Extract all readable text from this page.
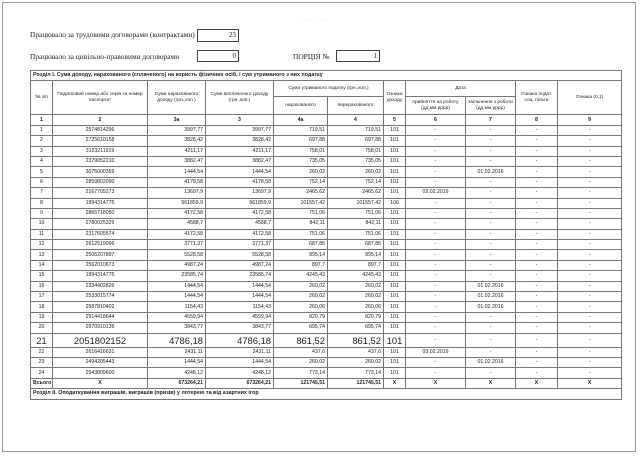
...... .....
Працювало за трудовими договорами (контрактами)	23
Працювало за цивільно-правовими договорами	0	ПОРЦІЯ №	1
Розділ I. Сума доходу, нарахованого (сплаченого) на користь фізичних осіб, і сум утриманого з них податку										
№ з/п	Податковий номер або серія та номер паспорта*	Сума нарахованого доходу (грн.,коп.)	Сума виплаченого доходу (грн.,коп.)	Сума утриманого податку (грн.,коп.)		Ознака доходу	Дата		Ознака подат. соц. пільги	Ознака (0,1)
				нарахованого	перерахованого		прийняття на роботу (дд.мм.рррр)	звільнення з роботи (дд.мм.рррр)		
1	2	3а	3	4а	4	5	6	7	8	9
1	2574814296	3997,77	3997,77	719,51	719,51	101	-	-	-	-
2	2725610158	3828,42	3828,42	697,88	697,88	101	-	-	-	-
3	3123211919	4211,17	4211,17	758,01	758,01	101	-	-	-	-
4	2379052210	3882,47	3882,47	735,05	735,05	101	-	-	-	-
5	3075000359	1444,54	1444,54	260,02	260,02	101	-	01.02.2016	-	-
6	2859802090	4178,58	4178,58	752,14	752,14	101	-	-	-	-
7	2167705273	13697,9	13697,9	2465,62	2465,62	101	02.02.2016	-	-	-
8	1894314775	561859,9	561859,9	101557,42	101557,42	106	-	-	-	-
9	2865718050	4172,58	4172,58	751,06	751,06	101	-	-	-	-
10	2780025329	4588,7	4588,7	842,11	842,11	101	-	-	-	-
11	2317605574	4172,58	4172,58	751,06	751,06	101	-	-	-	-
12	2612519096	3771,37	3771,37	687,85	687,85	101	-	-	-	-
13	2505207897	5528,58	5528,58	995,14	995,14	101	-	-	-	-
14	2562010673	4987,24	4987,24	897,7	897,7	101	-	-	-	-
15	1894314775	23585,74	23585,74	4245,43	4245,43	101	-	-	-	-
16	2334402826	1444,54	1444,54	260,02	260,02	101	-	01.02.2016	-	-
17	2533015774	1444,54	1444,54	260,02	260,02	101	-	01.02.2016	-	-
18	2587810402	1154,43	1154,43	260,06	260,06	101	-	01.02.2016	-	-
19	2914418644	4559,94	4559,94	820,79	820,79	101	-	-	-	-
20	2970910136	3843,77	3843,77	695,74	695,74	101	-	-	-	-
21	2051802152	4786,18	4786,18	861,52	861,52	101	-	-	-	-
22	2616416631	2431,11	2431,11	437,6	437,6	101	03.02.2016	-	-	-
23	2494205443	1444,54	1444,54	260,02	260,02	101	-	01.02.2016	-	-
24	2543809600	4248,12	4248,12	773,14	773,14	101	-	-	-	-
Всього	X	673264,21	673264,21	121745,51	121745,51	X	X	X	X	X
Розділ II. Оподаткування виграшів, виграшів (призів) у лотерею та від азартних ігор										
